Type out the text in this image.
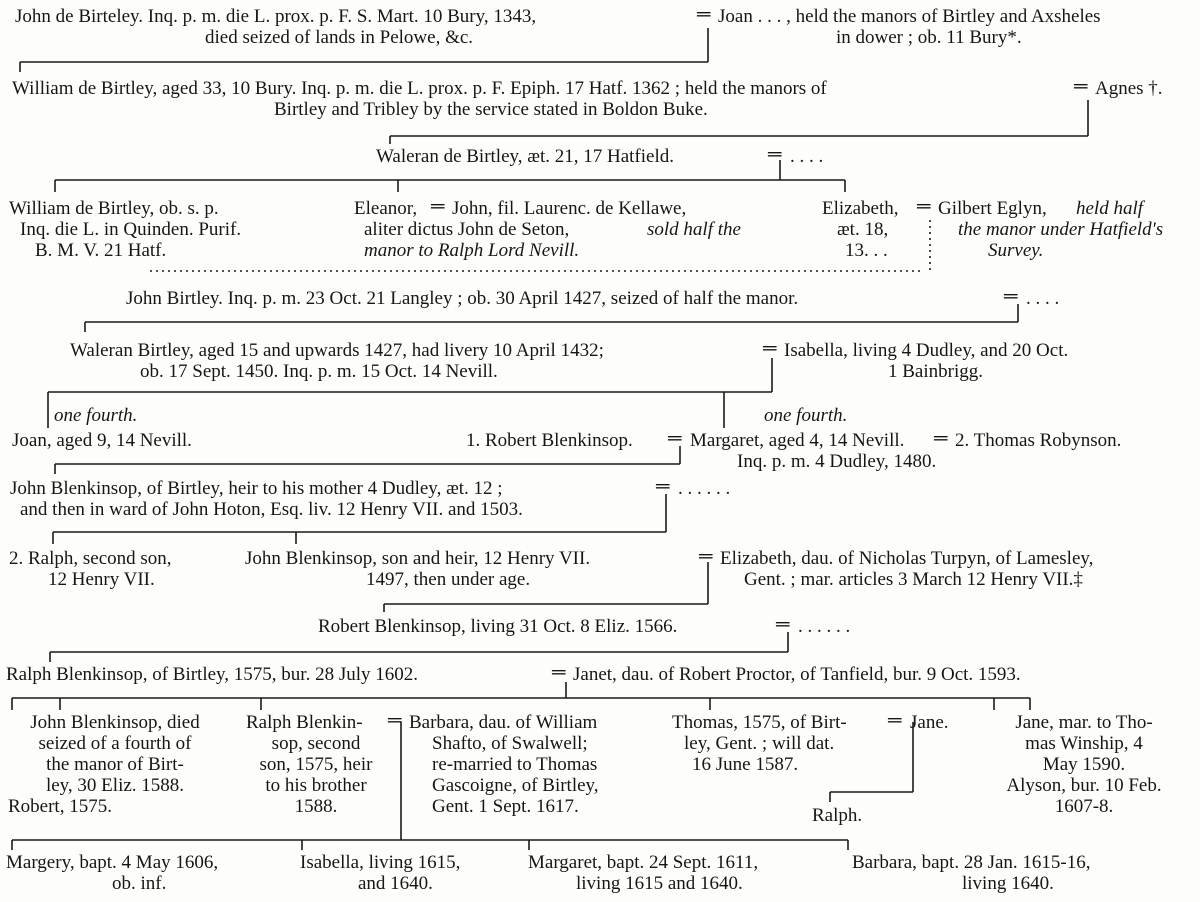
John de Birteley. Inq. p. m. die L. prox. p. F. S. Mart. 10 Bury, 1343,
died seized of lands in Pelowe, &c.
═ Joan . . . , held the manors of Birtley and Axsheles
in dower ; ob. 11 Bury*.
William de Birtley, aged 33, 10 Bury. Inq. p. m. die L. prox. p. F. Epiph. 17 Hatf. 1362 ; held the manors of
Birtley and Tribley by the service stated in Boldon Buke.
═ Agnes †.
Waleran de Birtley, æt. 21, 17 Hatfield.	═ . . . .
William de Birtley, ob. s. p.
Inq. die L. in Quinden. Purif.
B. M. V. 21 Hatf.
Eleanor, ═ John, fil. Laurenc. de Kellawe,
aliter dictus John de Seton,	sold half the
manor to Ralph Lord Nevill.
Elizabeth,
æt. 18,
13. . .
═ Gilbert Eglyn, held half
the manor under Hatfield's
Survey.
John Birtley. Inq. p. m. 23 Oct. 21 Langley ; ob. 30 April 1427, seized of half the manor.	═ . . . .
Waleran Birtley, aged 15 and upwards 1427, had livery 10 April 1432;
ob. 17 Sept. 1450. Inq. p. m. 15 Oct. 14 Nevill.
═ Isabella, living 4 Dudley, and 20 Oct.
1 Bainbrigg.
one fourth.	one fourth.
Joan, aged 9, 14 Nevill.	1. Robert Blenkinsop. ═ Margaret, aged 4, 14 Nevill.
Inq. p. m. 4 Dudley, 1480.
═ 2. Thomas Robynson.
John Blenkinsop, of Birtley, heir to his mother 4 Dudley, æt. 12 ;
and then in ward of John Hoton, Esq. liv. 12 Henry VII. and 1503.
═ . . . . . .
2. Ralph, second son,
12 Henry VII.
John Blenkinsop, son and heir, 12 Henry VII.
1497, then under age.
═ Elizabeth, dau. of Nicholas Turpyn, of Lamesley,
Gent. ; mar. articles 3 March 12 Henry VII.‡
Robert Blenkinsop, living 31 Oct. 8 Eliz. 1566.	═ . . . . . .
Ralph Blenkinsop, of Birtley, 1575, bur. 28 July 1602.	═ Janet, dau. of Robert Proctor, of Tanfield, bur. 9 Oct. 1593.
John Blenkinsop, died
seized of a fourth of
the manor of Birt-
ley, 30 Eliz. 1588.
Robert, 1575.
Ralph Blenkin-
sop, second
son, 1575, heir
to his brother
1588.
═ Barbara, dau. of William
Shafto, of Swalwell;
re-married to Thomas
Gascoigne, of Birtley,
Gent. 1 Sept. 1617.
Thomas, 1575, of Birt-
ley, Gent. ; will dat.
16 June 1587.
═ Jane.
Ralph.
Jane, mar. to Tho-
mas Winship, 4
May 1590.
Alyson, bur. 10 Feb.
1607-8.
Margery, bapt. 4 May 1606,
ob. inf.
Isabella, living 1615,
and 1640.
Margaret, bapt. 24 Sept. 1611,
living 1615 and 1640.
Barbara, bapt. 28 Jan. 1615-16,
living 1640.
